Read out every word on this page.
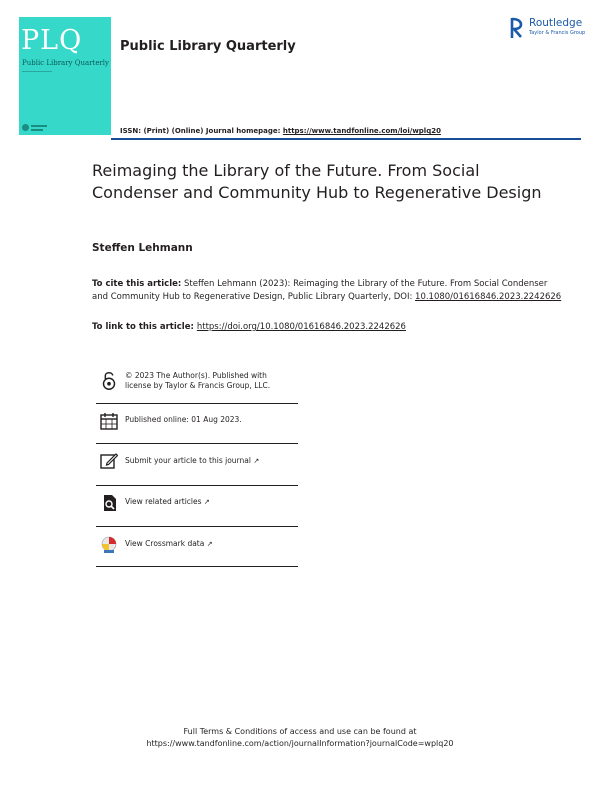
PLQ
Public Library Quarterly
Public Library Quarterly
Routledge
Taylor & Francis Group
ISSN: (Print) (Online) Journal homepage: https://www.tandfonline.com/loi/wplq20
Reimaging the Library of the Future. From Social Condenser and Community Hub to Regenerative Design
Steffen Lehmann
To cite this article: Steffen Lehmann (2023): Reimaging the Library of the Future. From Social Condenser and Community Hub to Regenerative Design, Public Library Quarterly, DOI: 10.1080/01616846.2023.2242626
To link to this article: https://doi.org/10.1080/01616846.2023.2242626
© 2023 The Author(s). Published with license by Taylor & Francis Group, LLC.
Published online: 01 Aug 2023.
Submit your article to this journal ↗
View related articles ↗
View Crossmark data ↗
Full Terms & Conditions of access and use can be found at
https://www.tandfonline.com/action/journalInformation?journalCode=wplq20
